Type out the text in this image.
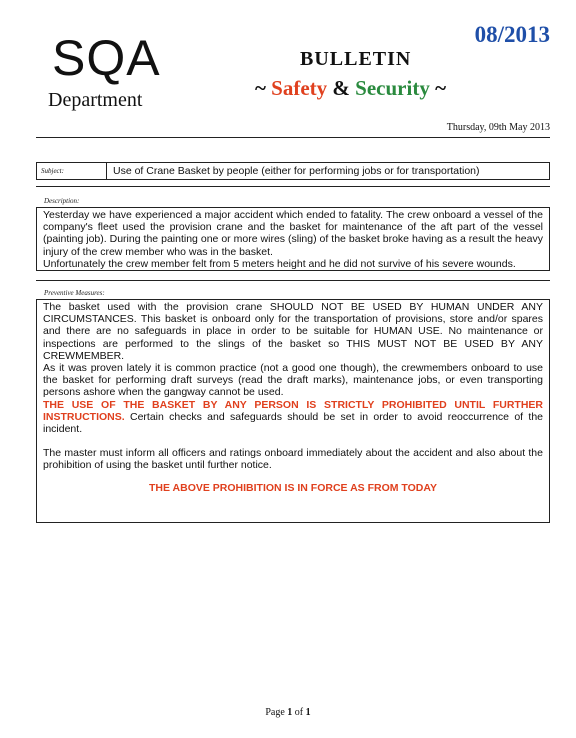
08/2013
SQA
Department
BULLETIN
~ Safety & Security ~
Thursday, 09th May 2013
Subject:	Use of Crane Basket by people (either for performing jobs or for transportation)
Description:

Yesterday we have experienced a major accident which ended to fatality. The crew onboard a vessel of the company's fleet used the provision crane and the basket for maintenance of the aft part of the vessel (painting job). During the painting one or more wires (sling) of the basket broke having as a result the heavy injury of the crew member who was in the basket.

Unfortunately the crew member felt from 5 meters height and he did not survive of his severe wounds.

Preventive Measures:

The basket used with the provision crane SHOULD NOT BE USED BY HUMAN UNDER ANY CIRCUMSTANCES. This basket is onboard only for the transportation of provisions, store and/or spares and there are no safeguards in place in order to be suitable for HUMAN USE. No maintenance or inspections are performed to the slings of the basket so THIS MUST NOT BE USED BY ANY CREWMEMBER.

As it was proven lately it is common practice (not a good one though), the crewmembers onboard to use the basket for performing draft surveys (read the draft marks), maintenance jobs, or even transporting persons ashore when the gangway cannot be used.

THE USE OF THE BASKET BY ANY PERSON IS STRICTLY PROHIBITED UNTIL FURTHER INSTRUCTIONS. Certain checks and safeguards should be set in order to avoid reoccurrence of the incident.

The master must inform all officers and ratings onboard immediately about the accident and also about the prohibition of using the basket until further notice.

THE ABOVE PROHIBITION IS IN FORCE AS FROM TODAY
Page 1 of 1
